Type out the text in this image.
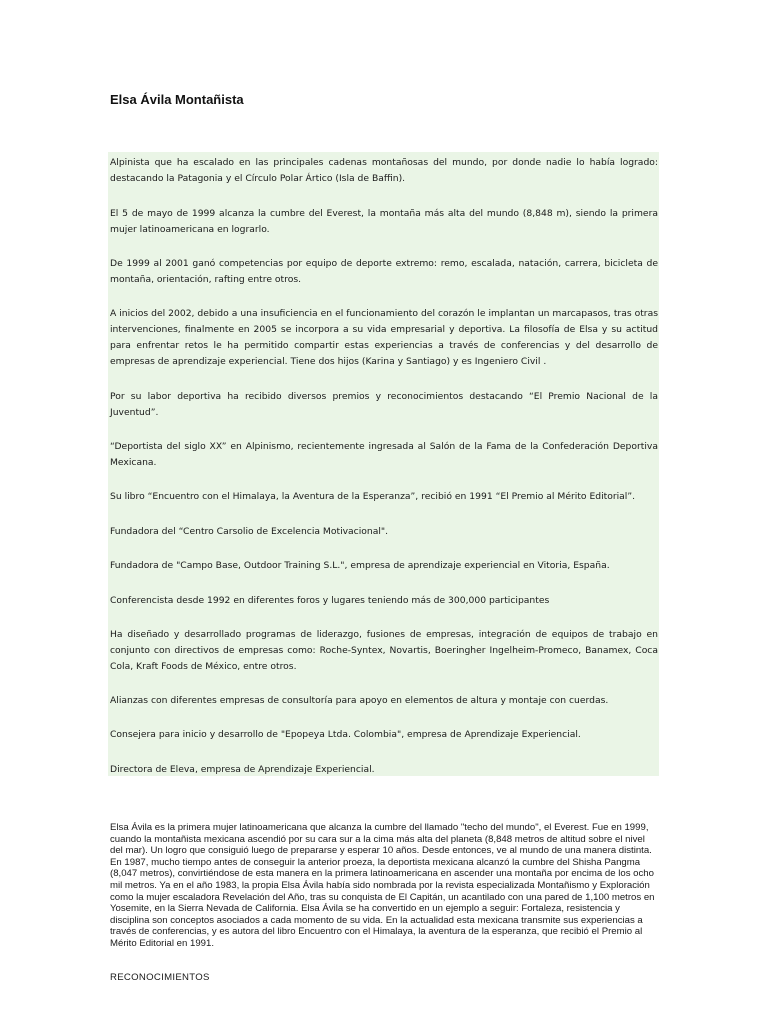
Elsa Ávila Montañista

Alpinista que ha escalado en las principales cadenas montañosas del mundo, por donde nadie lo había logrado: destacando la Patagonia y el Círculo Polar Ártico (Isla de Baffin).

El 5 de mayo de 1999 alcanza la cumbre del Everest, la montaña más alta del mundo (8,848 m), siendo la primera mujer latinoamericana en lograrlo.

De 1999 al 2001 ganó competencias por equipo de deporte extremo: remo, escalada, natación, carrera, bicicleta de montaña, orientación, rafting entre otros.

A inicios del 2002, debido a una insuficiencia en el funcionamiento del corazón le implantan un marcapasos, tras otras intervenciones, finalmente en 2005 se incorpora a su vida empresarial y deportiva. La filosofía de Elsa y su actitud para enfrentar retos le ha permitido compartir estas experiencias a través de conferencias y del desarrollo de empresas de aprendizaje experiencial. Tiene dos hijos (Karina y Santiago) y es Ingeniero Civil .

Por su labor deportiva ha recibido diversos premios y reconocimientos destacando “El Premio Nacional de la Juventud”.

“Deportista del siglo XX” en Alpinismo, recientemente ingresada al Salón de la Fama de la Confederación Deportiva Mexicana.

Su libro “Encuentro con el Himalaya, la Aventura de la Esperanza”, recibió en 1991 “El Premio al Mérito Editorial”.

Fundadora del “Centro Carsolio de Excelencia Motivacional".

Fundadora de "Campo Base, Outdoor Training S.L.", empresa de aprendizaje experiencial en Vitoria, España.

Conferencista desde 1992 en diferentes foros y lugares teniendo más de 300,000 participantes

Ha diseñado y desarrollado programas de liderazgo, fusiones de empresas, integración de equipos de trabajo en conjunto con directivos de empresas como: Roche-Syntex, Novartis, Boeringher Ingelheim-Promeco, Banamex, Coca Cola, Kraft Foods de México, entre otros.

Alianzas con diferentes empresas de consultoría para apoyo en elementos de altura y montaje con cuerdas.

Consejera para inicio y desarrollo de "Epopeya Ltda. Colombia", empresa de Aprendizaje Experiencial.

Directora de Eleva, empresa de Aprendizaje Experiencial.

Elsa Ávila es la primera mujer latinoamericana que alcanza la cumbre del llamado "techo del mundo", el Everest. Fue en 1999, cuando la montañista mexicana ascendió por su cara sur a la cima más alta del planeta (8,848 metros de altitud sobre el nivel del mar). Un logro que consiguió luego de prepararse y esperar 10 años. Desde entonces, ve al mundo de una manera distinta. En 1987, mucho tiempo antes de conseguir la anterior proeza, la deportista mexicana alcanzó la cumbre del Shisha Pangma (8,047 metros), convirtiéndose de esta manera en la primera latinoamericana en ascender una montaña por encima de los ocho mil metros. Ya en el año 1983, la propia Elsa Ávila había sido nombrada por la revista especializada Montañismo y Exploración como la mujer escaladora Revelación del Año, tras su conquista de El Capitán, un acantilado con una pared de 1,100 metros en Yosemite, en la Sierra Nevada de California. Elsa Ávila se ha convertido en un ejemplo a seguir: Fortaleza, resistencia y disciplina son conceptos asociados a cada momento de su vida. En la actualidad esta mexicana transmite sus experiencias a través de conferencias, y es autora del libro Encuentro con el Himalaya, la aventura de la esperanza, que recibió el Premio al Mérito Editorial en 1991.

RECONOCIMIENTOS
